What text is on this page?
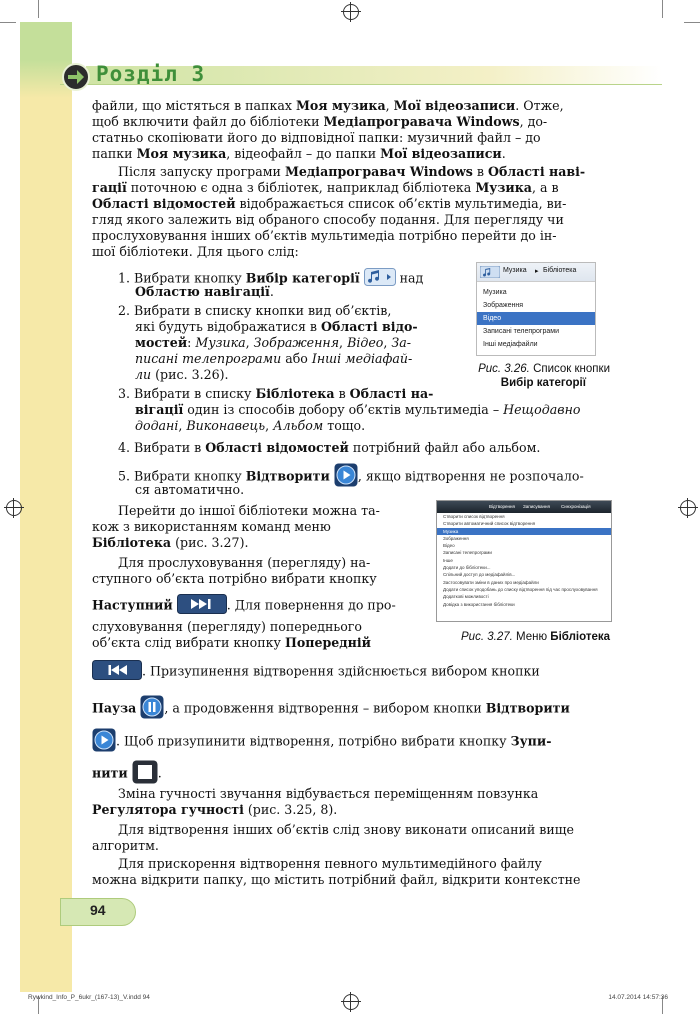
Розділ 3
файли, що містяться в папках Моя музика, Мої відеозаписи. Отже,
щоб включити файл до бібліотеки Медіапрогравача Windows, до-
статньо скопіювати його до відповідної папки: музичний файл – до
папки Моя музика, відеофайл – до папки Мої відеозаписи.
Після запуску програми Медіапрогравач Windows в Області наві-
гації поточною є одна з бібліотек, наприклад бібліотека Музика, а в
Області відомостей відображається список об’єктів мультимедіа, ви-
гляд якого залежить від обраного способу подання. Для перегляду чи
прослуховування інших об’єктів мультимедіа потрібно перейти до ін-
шої бібліотеки. Для цього слід:
1. Вибрати кнопку Вибір категорії	над
Областю навігації.
2. Вибрати в списку кнопки вид об’єктів,
які будуть відображатися в Області відо-
мостей: Музика, Зображення, Відео, За-
писані телепрограми або Інші медіафай-
ли (рис. 3.26).
3. Вибрати в списку Бібліотека в Області на-
вігації один із способів добору об’єктів мультимедіа – Нещодавно
додані, Виконавець, Альбом тощо.
4. Вибрати в Області відомостей потрібний файл або альбом.
5. Вибрати кнопку Відтворити , якщо відтворення не розпочало-
ся автоматично.
Музика ▸ Бібліотека
Музика
Зображення
Відео
Записані телепрограми
Інші медіафайли
Рис. 3.26. Список кнопки
Вибір категорії
Перейти до іншої бібліотеки можна та-
кож з використанням команд меню
Бібліотека (рис. 3.27).
Для прослуховування (перегляду) на-
ступного об’єкта потрібно вибрати кнопку
Наступний	. Для повернення до про-
слуховування (перегляду) попереднього
об’єкта слід вибрати кнопку Попередній
. Призупинення відтворення здійснюється вибором кнопки
Пауза , а продовження відтворення – вибором кнопки Відтворити
. Щоб призупинити відтворення, потрібно вибрати кнопку Зупи-
нити .
Зміна гучності звучання відбувається переміщенням повзунка
Регулятора гучності (рис. 3.25, 8).
Для відтворення інших об’єктів слід знову виконати описаний вище
алгоритм.
Для прискорення відтворення певного мультимедійного файлу
можна відкрити папку, що містить потрібний файл, відкрити контекстне
Відтворення Записування Синхронізація
Створити список відтворення
Створити автоматичний список відтворення
Музика
Зображення
Відео
Записані телепрограми
Інше
Додати до бібліотеки...
Спільний доступ до медіафайлів...
Застосовувати зміни в даних про медіафайли
Додати список уподобань до списку відтворення під час прослуховування
Додаткові можливості
Довідка з використання бібліотеки
Рис. 3.27. Меню Бібліотека
94
Rywkind_Info_P_6ukr_(167-13)_V.indd 94	14.07.2014 14:57:36
